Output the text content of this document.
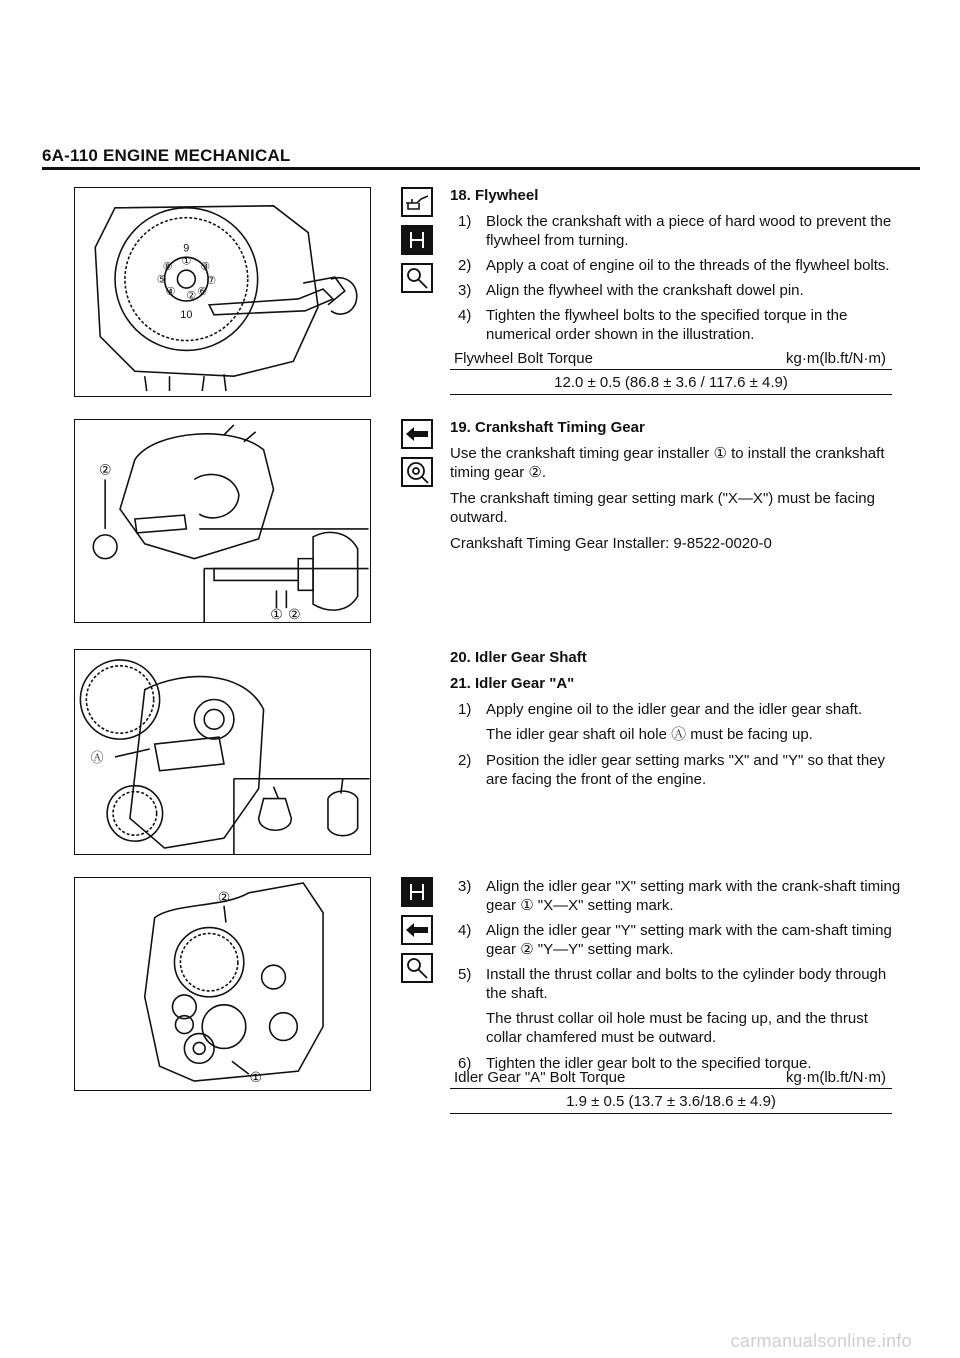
6A-110 ENGINE MECHANICAL
9
10
① ③
⑧
⑦
② ⑥
④
⑤
②
① ②
Ⓐ
②
①
18. Flywheel
1) Block the crankshaft with a piece of hard wood to prevent the flywheel from turning.
2) Apply a coat of engine oil to the threads of the flywheel bolts.
3) Align the flywheel with the crankshaft dowel pin.
4) Tighten the flywheel bolts to the specified torque in the numerical order shown in the illustration.
Flywheel Bolt Torque	kg·m(lb.ft/N·m)
12.0 ± 0.5 (86.8 ± 3.6 / 117.6 ± 4.9)
19. Crankshaft Timing Gear
Use the crankshaft timing gear installer ① to install the crankshaft timing gear ②.
The crankshaft timing gear setting mark ("X—X") must be facing outward.
Crankshaft Timing Gear Installer: 9-8522-0020-0
20. Idler Gear Shaft
21. Idler Gear "A"
1) Apply engine oil to the idler gear and the idler gear shaft.
The idler gear shaft oil hole Ⓐ must be facing up.
2) Position the idler gear setting marks "X" and "Y" so that they are facing the front of the engine.
3) Align the idler gear "X" setting mark with the crank-shaft timing gear ① "X—X" setting mark.
4) Align the idler gear "Y" setting mark with the cam-shaft timing gear ② "Y—Y" setting mark.
5) Install the thrust collar and bolts to the cylinder body through the shaft.
The thrust collar oil hole must be facing up, and the thrust collar chamfered must be outward.
6) Tighten the idler gear bolt to the specified torque.
Idler Gear "A" Bolt Torque	kg·m(lb.ft/N·m)
1.9 ± 0.5 (13.7 ± 3.6/18.6 ± 4.9)
carmanualsonline.info
